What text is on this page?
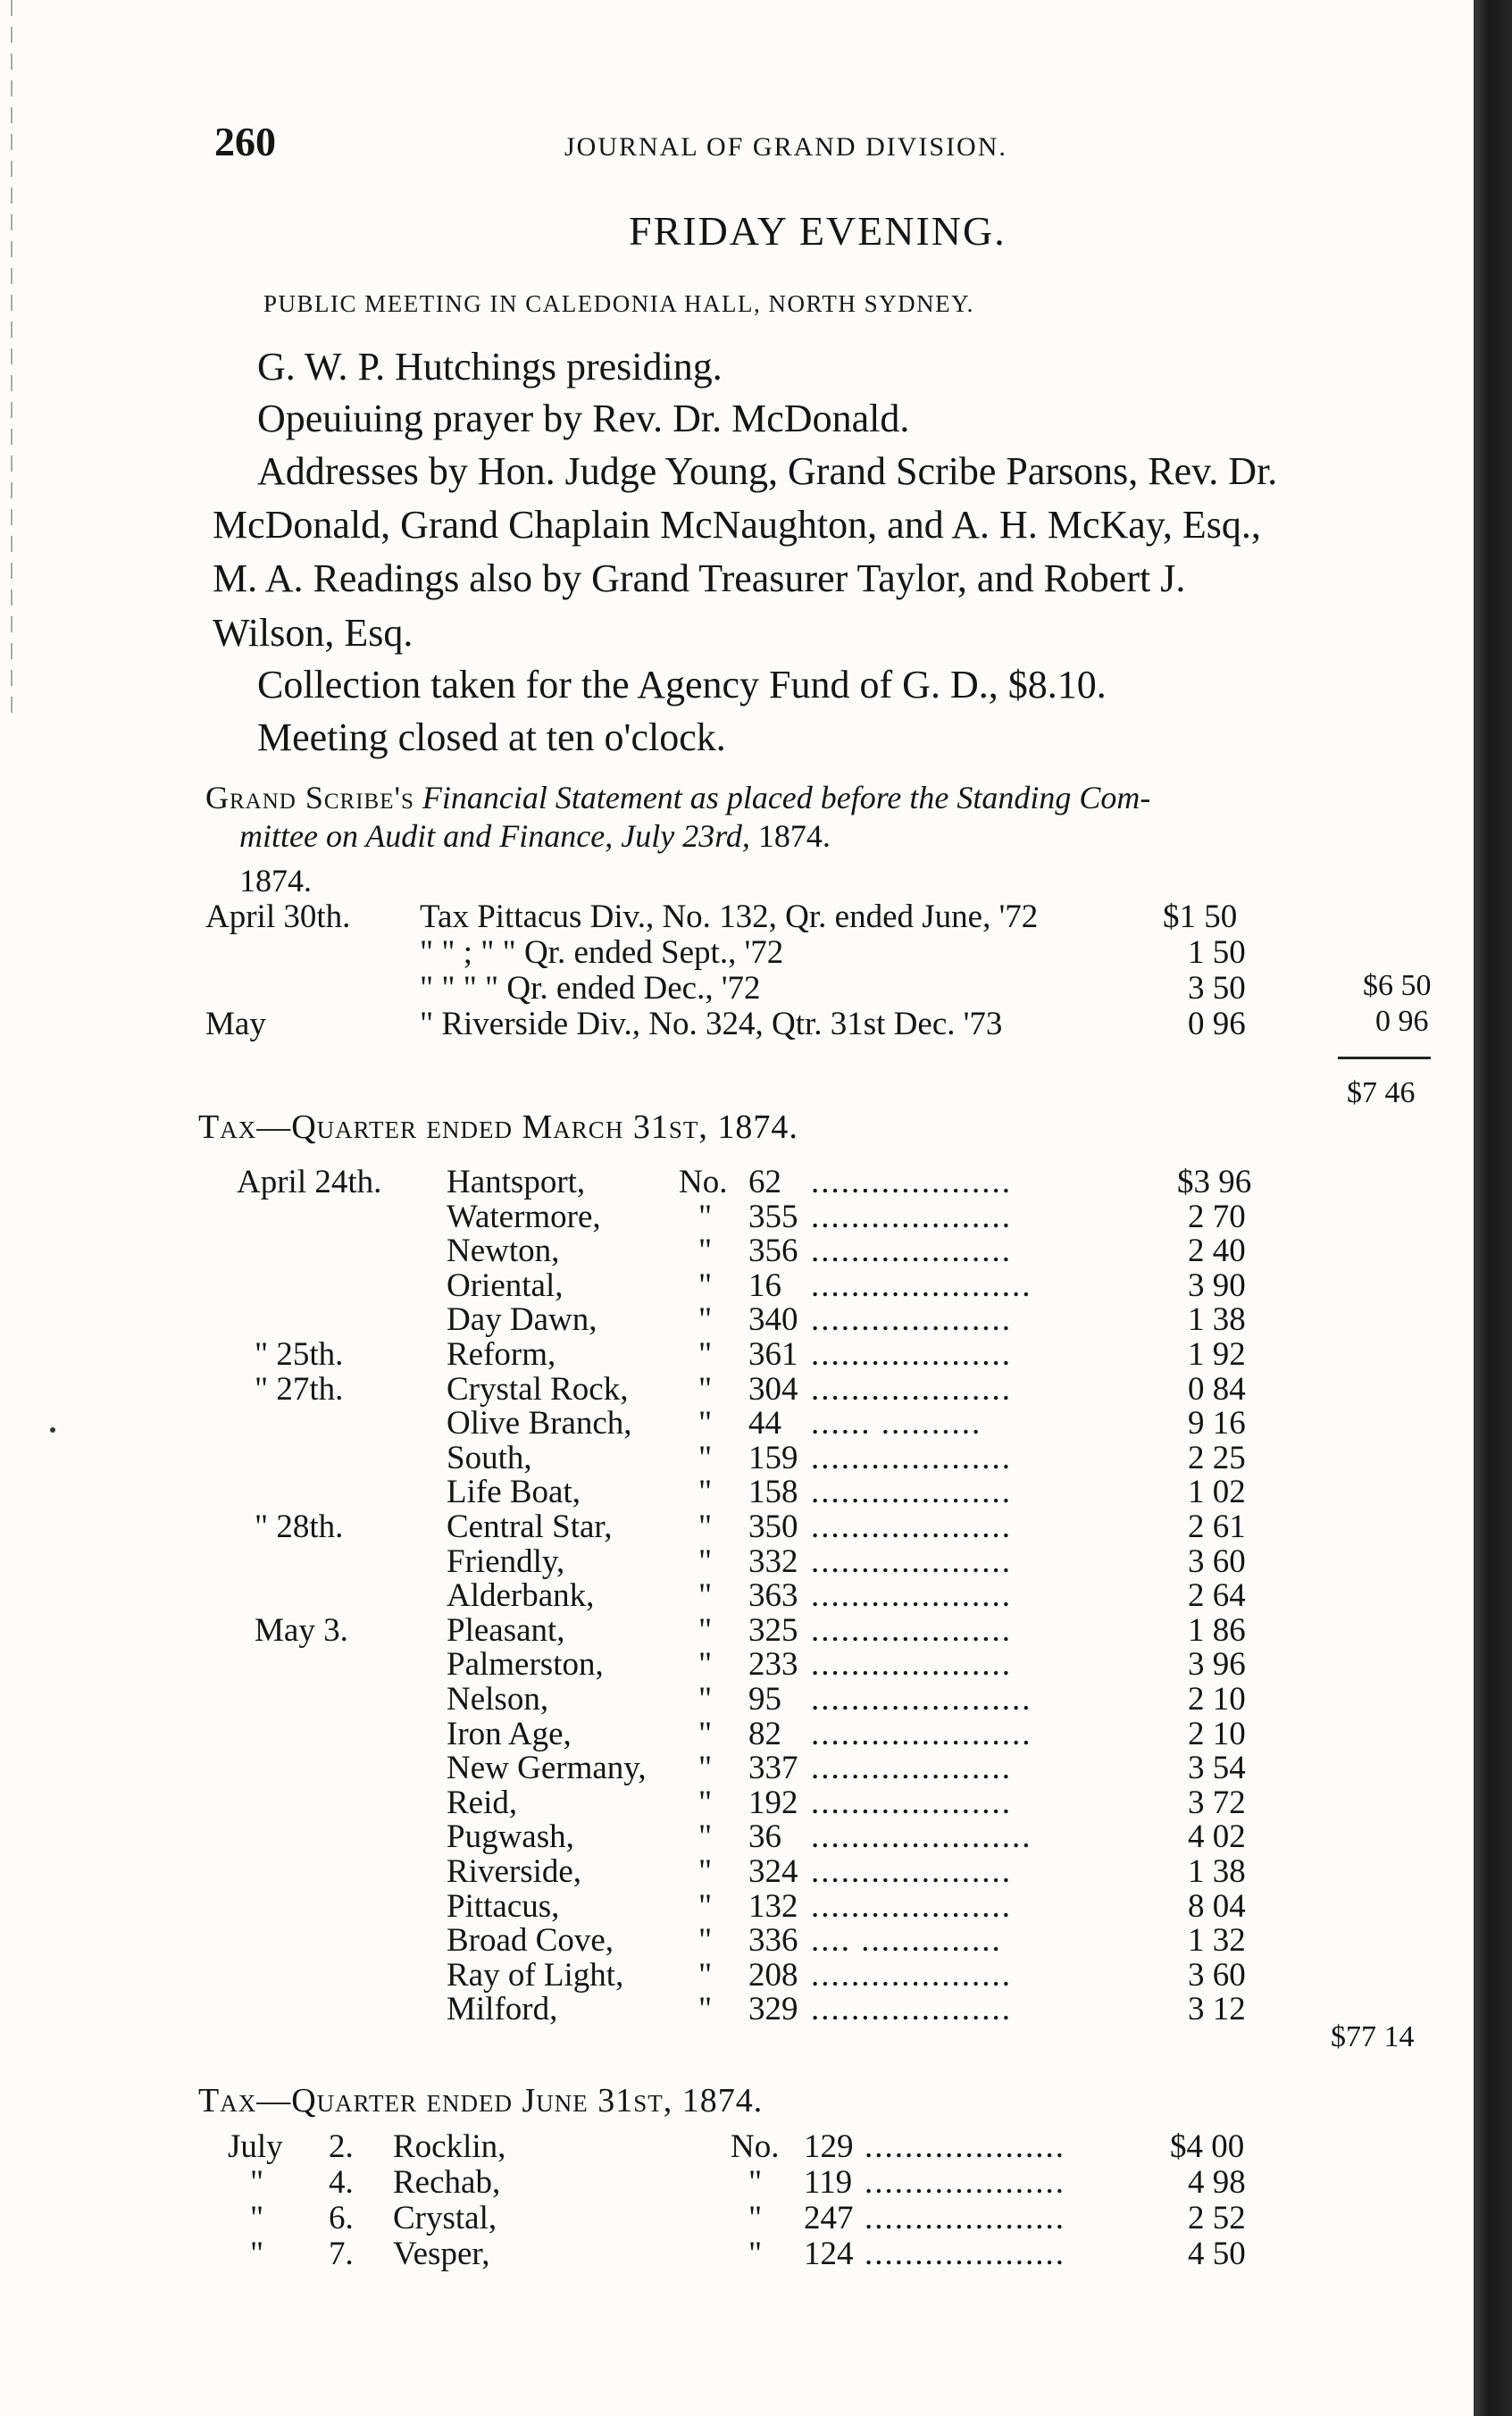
260	JOURNAL OF GRAND DIVISION.
FRIDAY EVENING.
PUBLIC MEETING IN CALEDONIA HALL, NORTH SYDNEY.
G. W. P. Hutchings presiding.
Opeuiuing prayer by Rev. Dr. McDonald.
Addresses by Hon. Judge Young, Grand Scribe Parsons, Rev. Dr.
McDonald, Grand Chaplain McNaughton, and A. H. McKay, Esq.,
M. A. Readings also by Grand Treasurer Taylor, and Robert J.
Wilson, Esq.
Collection taken for the Agency Fund of G. D., $8.10.
Meeting closed at ten o'clock.
Grand Scribe's Financial Statement as placed before the Standing Com-
mittee on Audit and Finance, July 23rd, 1874.
1874.
April 30th. Tax Pittacus Div., No. 132, Qr. ended June, '72	$1 50
" " ; " " Qr. ended Sept., '72	1 50
" " " " Qr. ended Dec., '72	3 50	$6 50
May	" Riverside Div., No. 324, Qtr. 31st Dec. '73	0 96	0 96
$7 46
Tax—Quarter ended March 31st, 1874.
April 24th. Hantsport,	No. 62 ....................	$3 96
Watermore,	" 355 ....................	2 70
Newton,	" 356 ....................	2 40
Oriental,	" 16 ......................	3 90
Day Dawn,	" 340 ....................	1 38
" 25th.	Reform,	" 361 ....................	1 92
" 27th.	Crystal Rock, " 304 ....................	0 84
Olive Branch, " 44 ...... ..........	9 16
South,	" 159 ....................	2 25
Life Boat,	" 158 ....................	1 02
" 28th.	Central Star,	" 350 ....................	2 61
Friendly,	" 332 ....................	3 60
Alderbank,	" 363 ....................	2 64
May 3.	Pleasant,	" 325 ....................	1 86
Palmerston,	" 233 ....................	3 96
Nelson,	" 95 ......................	2 10
Iron Age,	" 82 ......................	2 10
New Germany, " 337 ....................	3 54
Reid,	" 192 ....................	3 72
Pugwash,	" 36 ......................	4 02
Riverside,	" 324 ....................	1 38
Pittacus,	" 132 ....................	8 04
Broad Cove,	" 336 .... ..............	1 32
Ray of Light, " 208 ....................	3 60
Milford,	" 329 ....................	3 12
$77 14
Tax—Quarter ended June 31st, 1874.
July 2. Rocklin,	No. 129 ....................	$4 00
" 4. Rechab,	" 119 ....................	4 98
" 6. Crystal,	" 247 ....................	2 52
" 7. Vesper,	" 124 ....................	4 50
